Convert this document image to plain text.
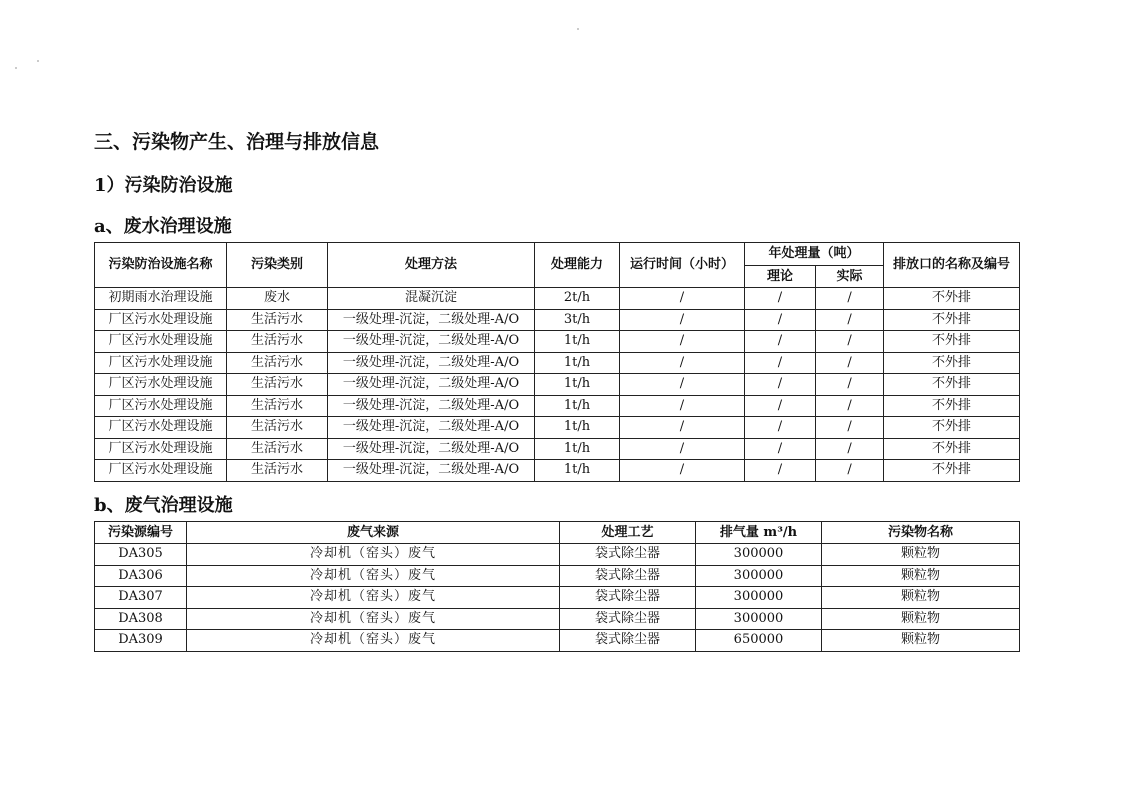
三、污染物产生、治理与排放信息
1）污染防治设施
a、废水治理设施
污染防治设施名称	污染类别	处理方法	处理能力	运行时间（小时）	年处理量（吨）		排放口的名称及编号
					理论	实际	
初期雨水治理设施	废水	混凝沉淀	2t/h	/	/	/	不外排
厂区污水处理设施	生活污水	一级处理-沉淀，二级处理-A/O	3t/h	/	/	/	不外排
厂区污水处理设施	生活污水	一级处理-沉淀，二级处理-A/O	1t/h	/	/	/	不外排
厂区污水处理设施	生活污水	一级处理-沉淀，二级处理-A/O	1t/h	/	/	/	不外排
厂区污水处理设施	生活污水	一级处理-沉淀，二级处理-A/O	1t/h	/	/	/	不外排
厂区污水处理设施	生活污水	一级处理-沉淀，二级处理-A/O	1t/h	/	/	/	不外排
厂区污水处理设施	生活污水	一级处理-沉淀，二级处理-A/O	1t/h	/	/	/	不外排
厂区污水处理设施	生活污水	一级处理-沉淀，二级处理-A/O	1t/h	/	/	/	不外排
厂区污水处理设施	生活污水	一级处理-沉淀，二级处理-A/O	1t/h	/	/	/	不外排
b、废气治理设施
污染源编号	废气来源	处理工艺	排气量 m³/h	污染物名称
DA305	冷却机（窑头）废气	袋式除尘器	300000	颗粒物
DA306	冷却机（窑头）废气	袋式除尘器	300000	颗粒物
DA307	冷却机（窑头）废气	袋式除尘器	300000	颗粒物
DA308	冷却机（窑头）废气	袋式除尘器	300000	颗粒物
DA309	冷却机（窑头）废气	袋式除尘器	650000	颗粒物
